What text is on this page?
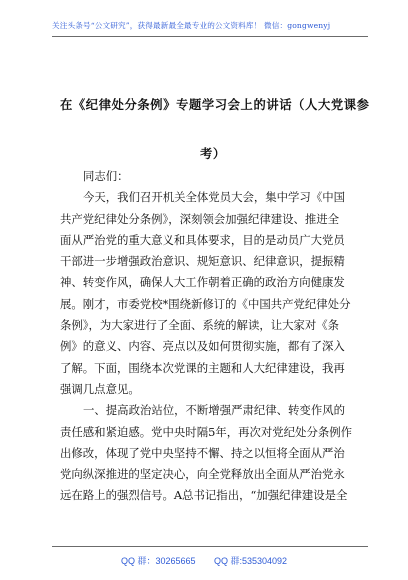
关注头条号“公文研究”，获得最新最全最专业的公文资料库！ 微信：gongwenyj
在《纪律处分条例》专题学习会上的讲话（人大党课参
考）

同志们：

今天，我们召开机关全体党员大会，集中学习《中国
共产党纪律处分条例》，深刻领会加强纪律建设、推进全
面从严治党的重大意义和具体要求，目的是动员广大党员
干部进一步增强政治意识、规矩意识、纪律意识，提振精
神、转变作风，确保人大工作朝着正确的政治方向健康发
展。刚才，市委党校*围绕新修订的《中国共产党纪律处分
条例》，为大家进行了全面、系统的解读，让大家对《条
例》的意义、内容、亮点以及如何贯彻实施，都有了深入
了解。下面，围绕本次党课的主题和人大纪律建设，我再
强调几点意见。

一、提高政治站位，不断增强严肃纪律、转变作风的
责任感和紧迫感。党中央时隔5年，再次对党纪处分条例作
出修改，体现了党中央坚持不懈、持之以恒将全面从严治
党向纵深推进的坚定决心，向全党释放出全面从严治党永
远在路上的强烈信号。A总书记指出，“加强纪律建设是全

QQ 群：30265665 QQ 群:535304092
